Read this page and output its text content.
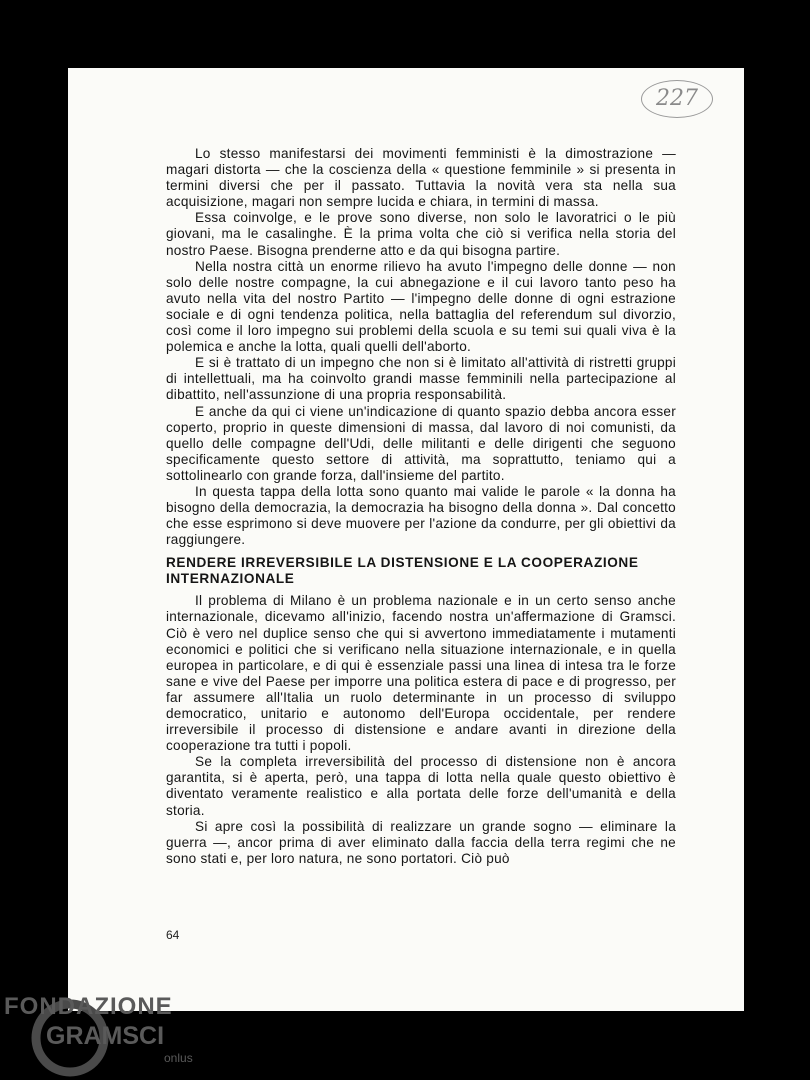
227

Lo stesso manifestarsi dei movimenti femministi è la dimostrazione — magari distorta — che la coscienza della « questione femminile » si presenta in termini diversi che per il passato. Tuttavia la novità vera sta nella sua acquisizione, magari non sempre lucida e chiara, in termini di massa.

Essa coinvolge, e le prove sono diverse, non solo le lavoratrici o le più giovani, ma le casalinghe. È la prima volta che ciò si verifica nella storia del nostro Paese. Bisogna prenderne atto e da qui bisogna partire.

Nella nostra città un enorme rilievo ha avuto l'impegno delle donne — non solo delle nostre compagne, la cui abnegazione e il cui lavoro tanto peso ha avuto nella vita del nostro Partito — l'impegno delle donne di ogni estrazione sociale e di ogni tendenza politica, nella battaglia del referendum sul divorzio, così come il loro impegno sui problemi della scuola e su temi sui quali viva è la polemica e anche la lotta, quali quelli dell'aborto.

E si è trattato di un impegno che non si è limitato all'attività di ristretti gruppi di intellettuali, ma ha coinvolto grandi masse femminili nella partecipazione al dibattito, nell'assunzione di una propria responsabilità.

E anche da qui ci viene un'indicazione di quanto spazio debba ancora esser coperto, proprio in queste dimensioni di massa, dal lavoro di noi comunisti, da quello delle compagne dell'Udi, delle militanti e delle dirigenti che seguono specificamente questo settore di attività, ma soprattutto, teniamo qui a sottolinearlo con grande forza, dall'insieme del partito.

In questa tappa della lotta sono quanto mai valide le parole « la donna ha bisogno della democrazia, la democrazia ha bisogno della donna ». Dal concetto che esse esprimono si deve muovere per l'azione da condurre, per gli obiettivi da raggiungere.

RENDERE IRREVERSIBILE LA DISTENSIONE E LA COOPERAZIONE INTERNAZIONALE

Il problema di Milano è un problema nazionale e in un certo senso anche internazionale, dicevamo all'inizio, facendo nostra un'affermazione di Gramsci. Ciò è vero nel duplice senso che qui si avvertono immediatamente i mutamenti economici e politici che si verificano nella situazione internazionale, e in quella europea in particolare, e di qui è essenziale passi una linea di intesa tra le forze sane e vive del Paese per imporre una politica estera di pace e di progresso, per far assumere all'Italia un ruolo determinante in un processo di sviluppo democratico, unitario e autonomo dell'Europa occidentale, per rendere irreversibile il processo di distensione e andare avanti in direzione della cooperazione tra tutti i popoli.

Se la completa irreversibilità del processo di distensione non è ancora garantita, si è aperta, però, una tappa di lotta nella quale questo obiettivo è diventato veramente realistico e alla portata delle forze dell'umanità e della storia.

Si apre così la possibilità di realizzare un grande sogno — eliminare la guerra —, ancor prima di aver eliminato dalla faccia della terra regimi che ne sono stati e, per loro natura, ne sono portatori. Ciò può

64
FONDAZIONE
GRAMSCI
onlus
